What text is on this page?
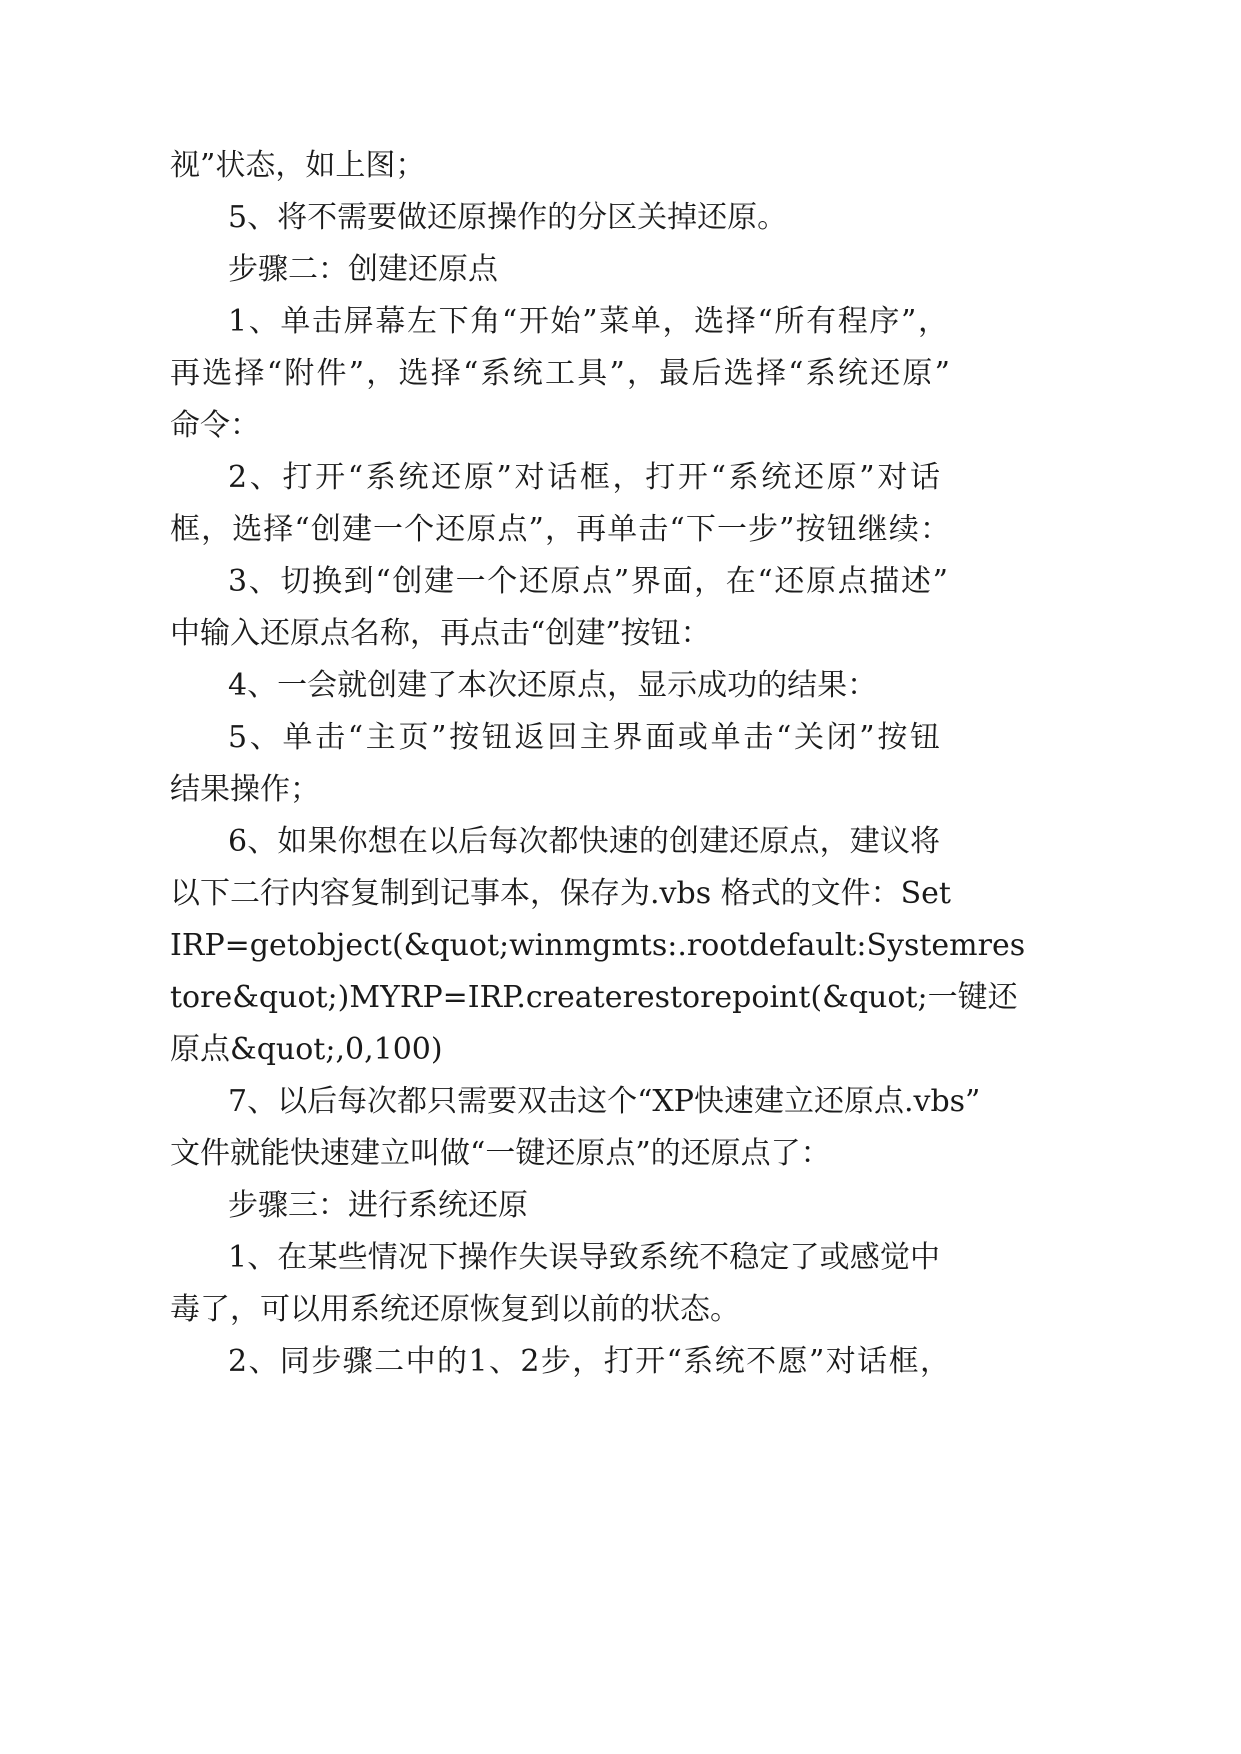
视”状态，如上图；
5、将不需要做还原操作的分区关掉还原。
步骤二：创建还原点
1、单击屏幕左下角“开始”菜单，选择“所有程序”，
再选择“附件”，选择“系统工具”，最后选择“系统还原”
命令：
2、打开“系统还原”对话框，打开“系统还原”对话
框，选择“创建一个还原点”，再单击“下一步”按钮继续：
3、切换到“创建一个还原点”界面，在“还原点描述”
中输入还原点名称，再点击“创建”按钮：
4、一会就创建了本次还原点，显示成功的结果：
5、单击“主页”按钮返回主界面或单击“关闭”按钮
结果操作；
6、如果你想在以后每次都快速的创建还原点，建议将
以下二行内容复制到记事本，保存为.vbs 格式的文件：Set
IRP=getobject(&quot;winmgmts:.rootdefault:Systemres
tore&quot;)MYRP=IRP.createrestorepoint(&quot;一键还
原点&quot;,0,100)
7、以后每次都只需要双击这个“XP快速建立还原点.vbs”
文件就能快速建立叫做“一键还原点”的还原点了：
步骤三：进行系统还原
1、在某些情况下操作失误导致系统不稳定了或感觉中
毒了，可以用系统还原恢复到以前的状态。
2、同步骤二中的1、2步，打开“系统不愿”对话框，
